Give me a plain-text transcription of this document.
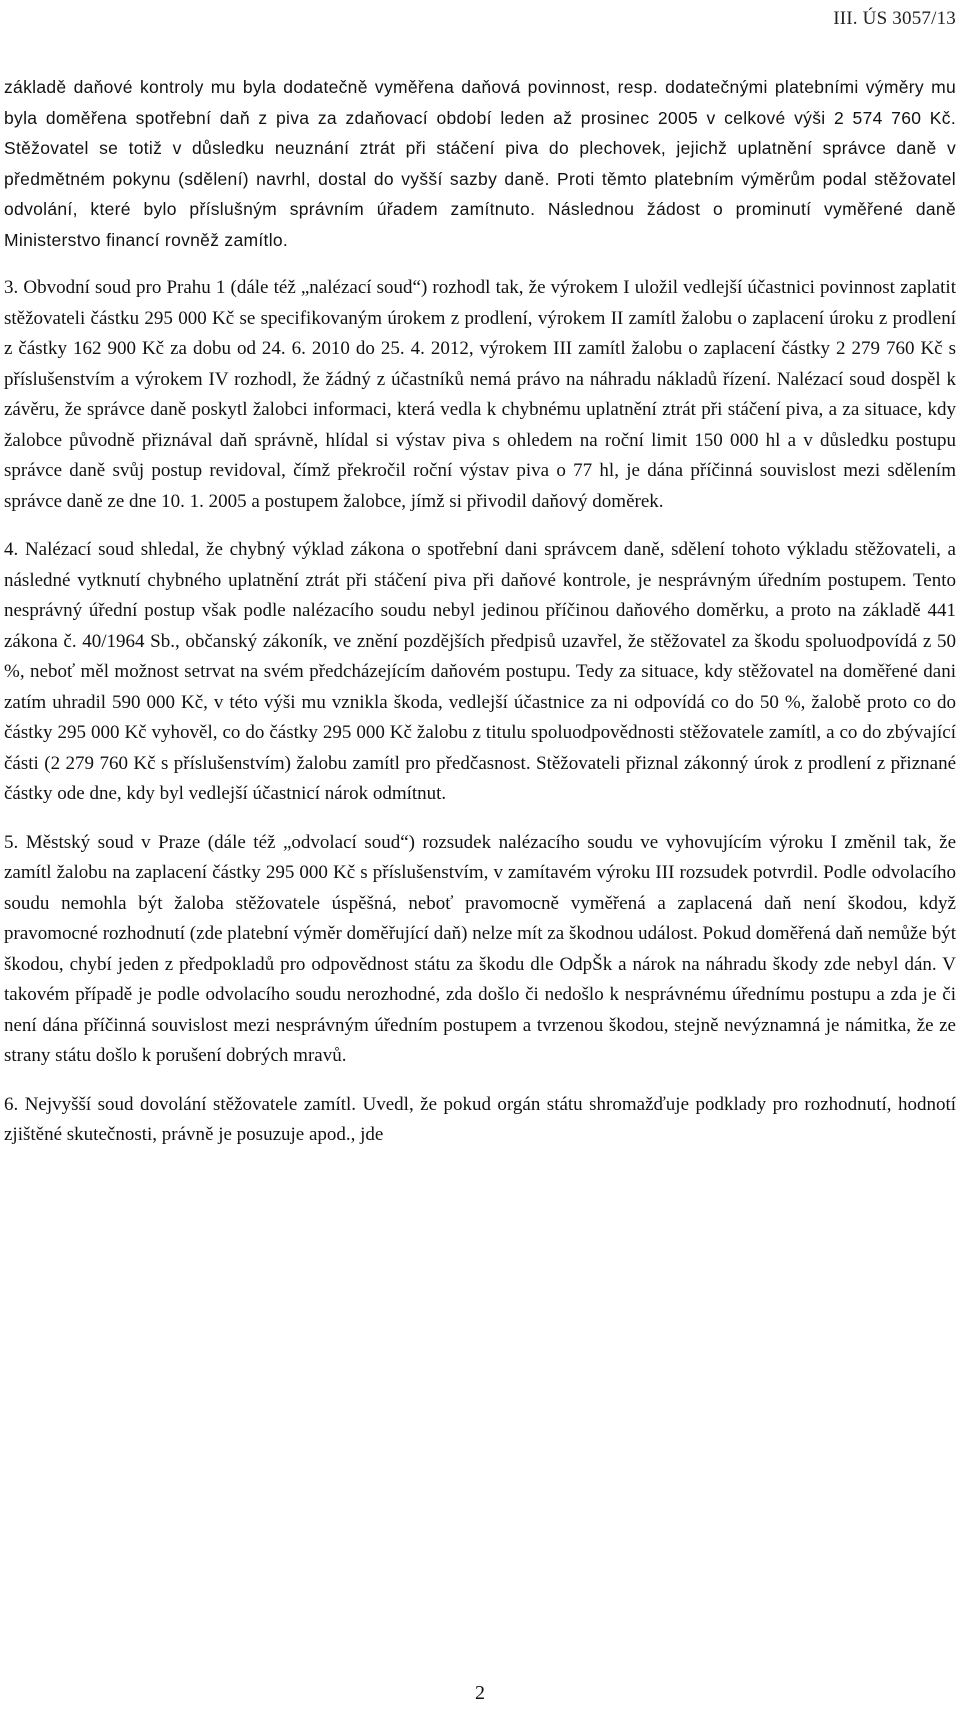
III. ÚS 3057/13

základě daňové kontroly mu byla dodatečně vyměřena daňová povinnost, resp. dodatečnými platebními výměry mu byla doměřena spotřební daň z piva za zdaňovací období leden až prosinec 2005 v celkové výši 2 574 760 Kč. Stěžovatel se totiž v důsledku neuznání ztrát při stáčení piva do plechovek, jejichž uplatnění správce daně v předmětném pokynu (sdělení) navrhl, dostal do vyšší sazby daně. Proti těmto platebním výměrům podal stěžovatel odvolání, které bylo příslušným správním úřadem zamítnuto. Následnou žádost o prominutí vyměřené daně Ministerstvo financí rovněž zamítlo.

3. Obvodní soud pro Prahu 1 (dále též „nalézací soud“) rozhodl tak, že výrokem I uložil vedlejší účastnici povinnost zaplatit stěžovateli částku 295 000 Kč se specifikovaným úrokem z prodlení, výrokem II zamítl žalobu o zaplacení úroku z prodlení z částky 162 900 Kč za dobu od 24. 6. 2010 do 25. 4. 2012, výrokem III zamítl žalobu o zaplacení částky 2 279 760 Kč s příslušenstvím a výrokem IV rozhodl, že žádný z účastníků nemá právo na náhradu nákladů řízení. Nalézací soud dospěl k závěru, že správce daně poskytl žalobci informaci, která vedla k chybnému uplatnění ztrát při stáčení piva, a za situace, kdy žalobce původně přiznával daň správně, hlídal si výstav piva s ohledem na roční limit 150 000 hl a v důsledku postupu správce daně svůj postup revidoval, čímž překročil roční výstav piva o 77 hl, je dána příčinná souvislost mezi sdělením správce daně ze dne 10. 1. 2005 a postupem žalobce, jímž si přivodil daňový doměrek.

4. Nalézací soud shledal, že chybný výklad zákona o spotřební dani správcem daně, sdělení tohoto výkladu stěžovateli, a následné vytknutí chybného uplatnění ztrát při stáčení piva při daňové kontrole, je nesprávným úředním postupem. Tento nesprávný úřední postup však podle nalézacího soudu nebyl jedinou příčinou daňového doměrku, a proto na základě 441 zákona č. 40/1964 Sb., občanský zákoník, ve znění pozdějších předpisů uzavřel, že stěžovatel za škodu spoluodpovídá z 50 %, neboť měl možnost setrvat na svém předcházejícím daňovém postupu. Tedy za situace, kdy stěžovatel na doměřené dani zatím uhradil 590 000 Kč, v této výši mu vznikla škoda, vedlejší účastnice za ni odpovídá co do 50 %, žalobě proto co do částky 295 000 Kč vyhověl, co do částky 295 000 Kč žalobu z titulu spoluodpovědnosti stěžovatele zamítl, a co do zbývající části (2 279 760 Kč s příslušenstvím) žalobu zamítl pro předčasnost. Stěžovateli přiznal zákonný úrok z prodlení z přiznané částky ode dne, kdy byl vedlejší účastnicí nárok odmítnut.

5. Městský soud v Praze (dále též „odvolací soud“) rozsudek nalézacího soudu ve vyhovujícím výroku I změnil tak, že zamítl žalobu na zaplacení částky 295 000 Kč s příslušenstvím, v zamítavém výroku III rozsudek potvrdil. Podle odvolacího soudu nemohla být žaloba stěžovatele úspěšná, neboť pravomocně vyměřená a zaplacená daň není škodou, když pravomocné rozhodnutí (zde platební výměr doměřující daň) nelze mít za škodnou událost. Pokud doměřená daň nemůže být škodou, chybí jeden z předpokladů pro odpovědnost státu za škodu dle OdpŠk a nárok na náhradu škody zde nebyl dán. V takovém případě je podle odvolacího soudu nerozhodné, zda došlo či nedošlo k nesprávnému úřednímu postupu a zda je či není dána příčinná souvislost mezi nesprávným úředním postupem a tvrzenou škodou, stejně nevýznamná je námitka, že ze strany státu došlo k porušení dobrých mravů.

6. Nejvyšší soud dovolání stěžovatele zamítl. Uvedl, že pokud orgán státu shromažďuje podklady pro rozhodnutí, hodnotí zjištěné skutečnosti, právně je posuzuje apod., jde

2
